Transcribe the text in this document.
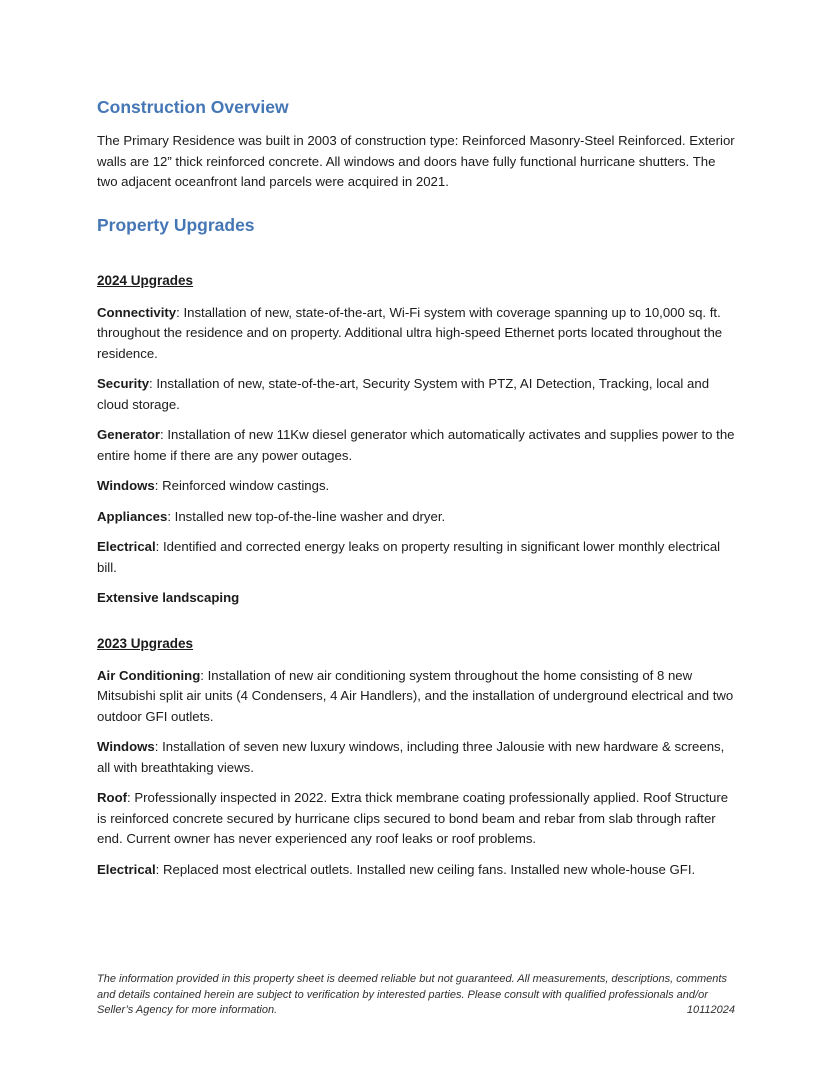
Construction Overview

The Primary Residence was built in 2003 of construction type: Reinforced Masonry-Steel Reinforced. Exterior walls are 12” thick reinforced concrete. All windows and doors have fully functional hurricane shutters. The two adjacent oceanfront land parcels were acquired in 2021.

Property Upgrades
2024 Upgrades

Connectivity: Installation of new, state-of-the-art, Wi-Fi system with coverage spanning up to 10,000 sq. ft. throughout the residence and on property. Additional ultra high-speed Ethernet ports located throughout the residence.

Security: Installation of new, state-of-the-art, Security System with PTZ, AI Detection, Tracking, local and cloud storage.

Generator: Installation of new 11Kw diesel generator which automatically activates and supplies power to the entire home if there are any power outages.

Windows: Reinforced window castings.

Appliances: Installed new top-of-the-line washer and dryer.

Electrical: Identified and corrected energy leaks on property resulting in significant lower monthly electrical bill.

Extensive landscaping

2023 Upgrades

Air Conditioning: Installation of new air conditioning system throughout the home consisting of 8 new Mitsubishi split air units (4 Condensers, 4 Air Handlers), and the installation of underground electrical and two outdoor GFI outlets.

Windows: Installation of seven new luxury windows, including three Jalousie with new hardware & screens, all with breathtaking views.

Roof: Professionally inspected in 2022. Extra thick membrane coating professionally applied. Roof Structure is reinforced concrete secured by hurricane clips secured to bond beam and rebar from slab through rafter end. Current owner has never experienced any roof leaks or roof problems.

Electrical: Replaced most electrical outlets. Installed new ceiling fans. Installed new whole-house GFI.

The information provided in this property sheet is deemed reliable but not guaranteed. All measurements, descriptions, comments and details contained herein are subject to verification by interested parties. Please consult with qualified professionals and/or Seller’s Agency for more information.	10112024
